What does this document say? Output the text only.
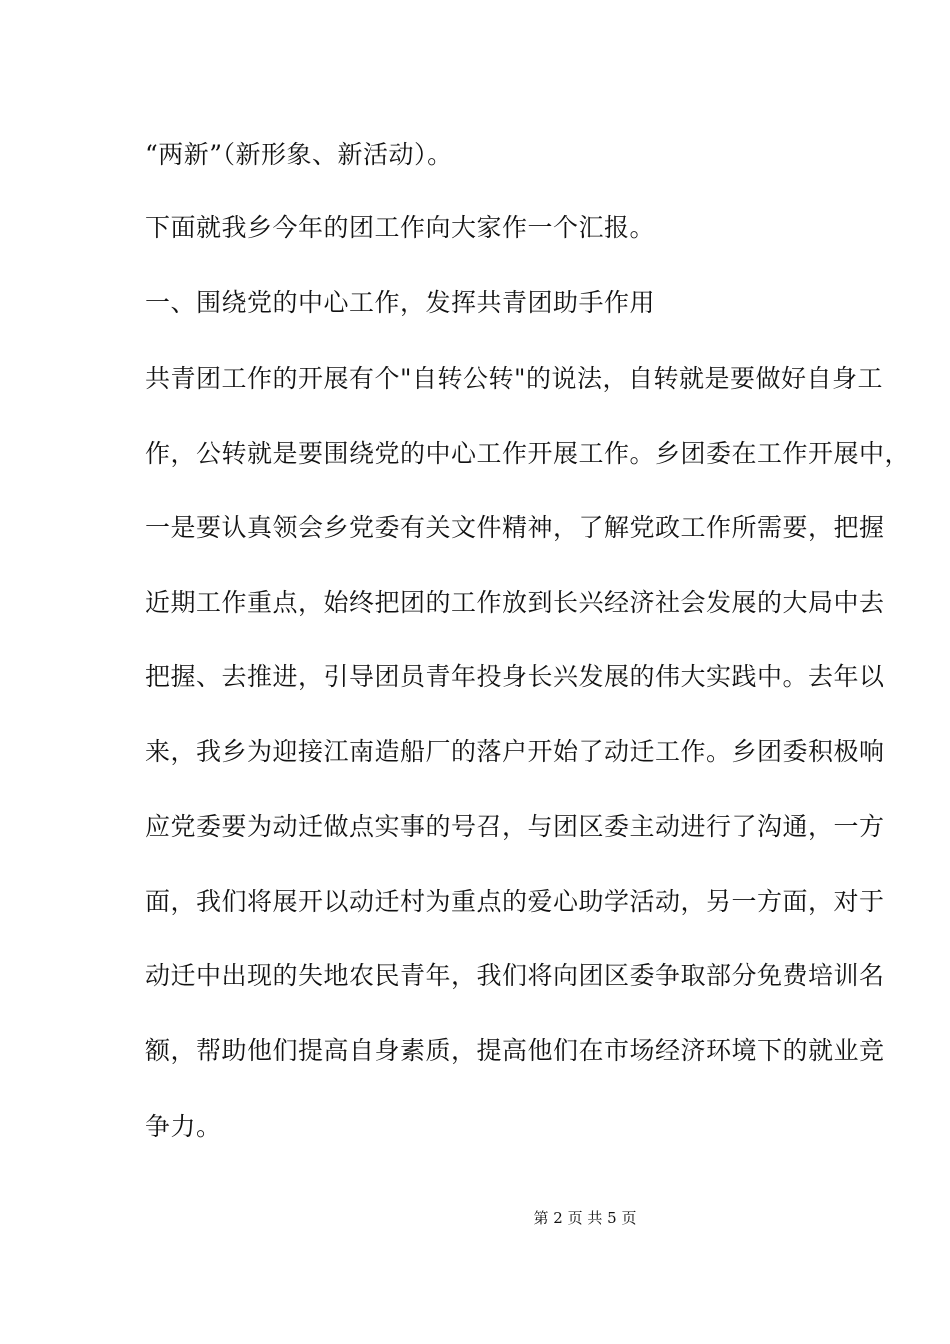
“两新”（新形象、新活动）。
下面就我乡今年的团工作向大家作一个汇报。
一、围绕党的中心工作，发挥共青团助手作用
共青团工作的开展有个"自转公转"的说法，自转就是要做好自身工
作，公转就是要围绕党的中心工作开展工作。乡团委在工作开展中，
一是要认真领会乡党委有关文件精神，了解党政工作所需要，把握
近期工作重点，始终把团的工作放到长兴经济社会发展的大局中去
把握、去推进，引导团员青年投身长兴发展的伟大实践中。去年以
来，我乡为迎接江南造船厂的落户开始了动迁工作。乡团委积极响
应党委要为动迁做点实事的号召，与团区委主动进行了沟通，一方
面，我们将展开以动迁村为重点的爱心助学活动，另一方面，对于
动迁中出现的失地农民青年，我们将向团区委争取部分免费培训名
额，帮助他们提高自身素质，提高他们在市场经济环境下的就业竞
争力。
第 2 页 共 5 页
